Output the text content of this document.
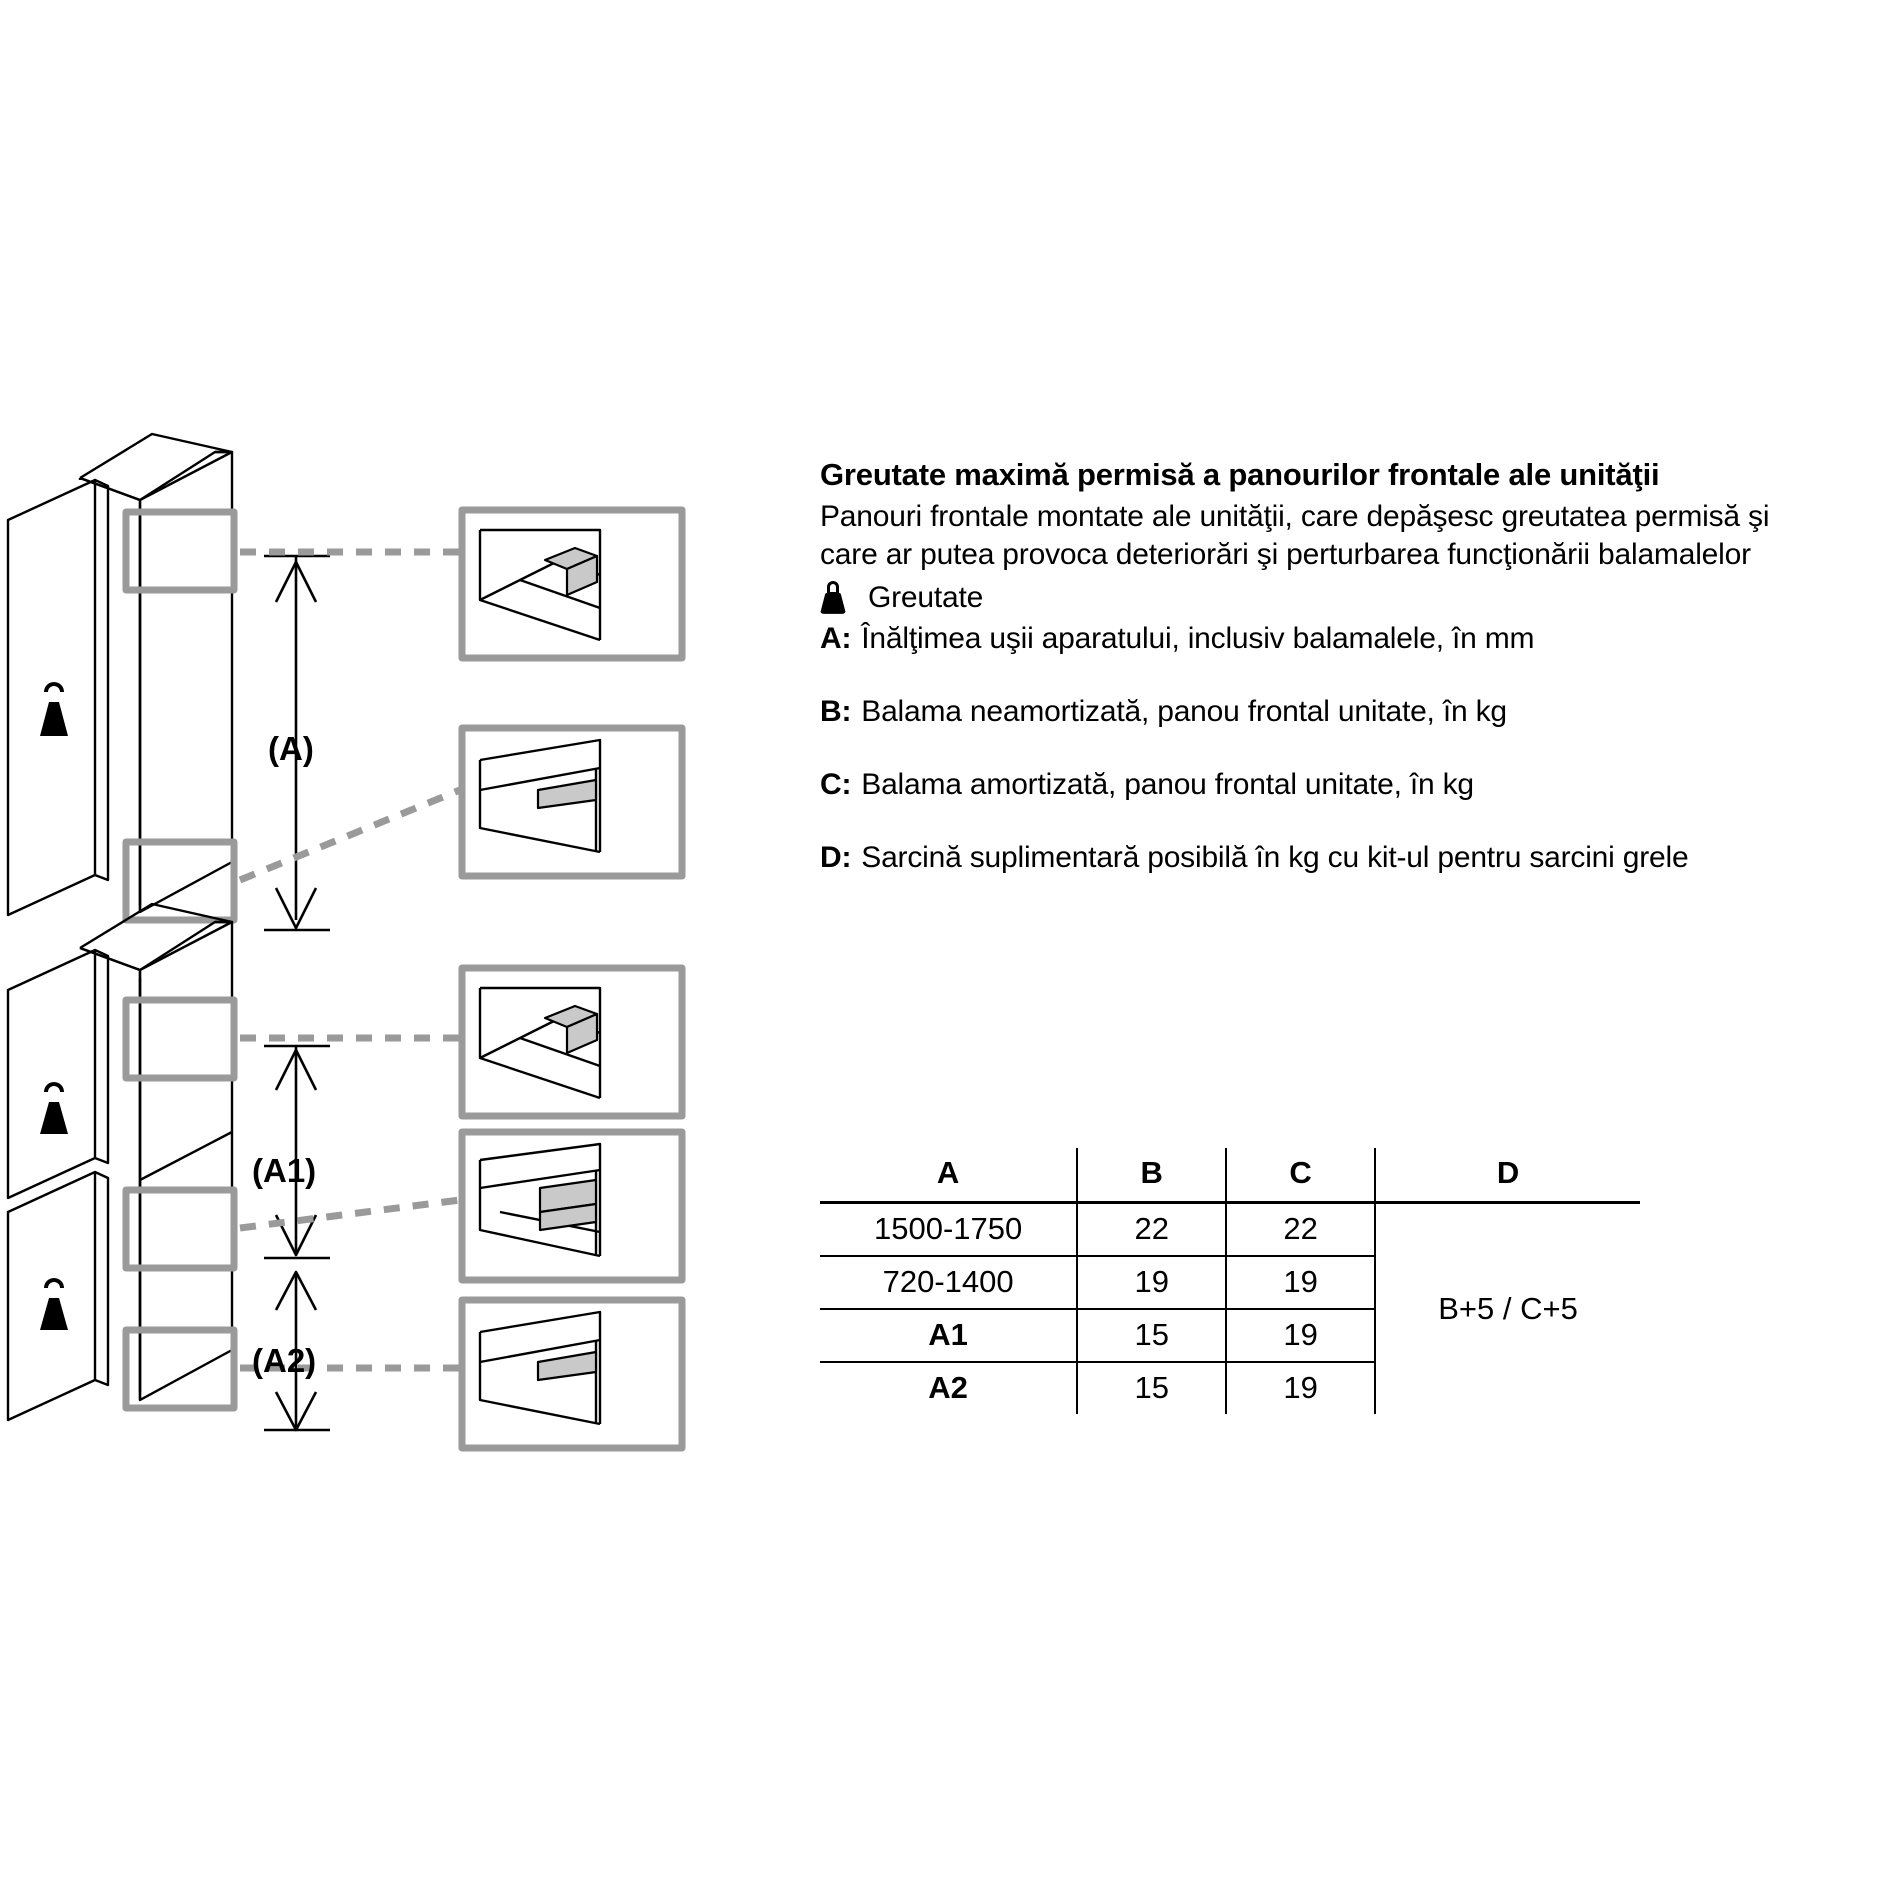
(A)
(A1)
(A2)
Greutate maximă permisă a panourilor frontale ale unităţii

Panouri frontale montate ale unităţii, care depăşesc greutatea permisă şi care ar putea provoca deteriorări şi perturbarea funcţionării balamalelor

Greutate
A: Înălţimea uşii aparatului, inclusiv balamalele, în mm
B: Balama neamortizată, panou frontal unitate, în kg
C: Balama amortizată, panou frontal unitate, în kg
D: Sarcină suplimentară posibilă în kg cu kit-ul pentru sarcini grele
A	B	C	D
1500-1750	22	22	B+5 / C+5
720-1400	19	19	
A1	15	19	
A2	15	19	
